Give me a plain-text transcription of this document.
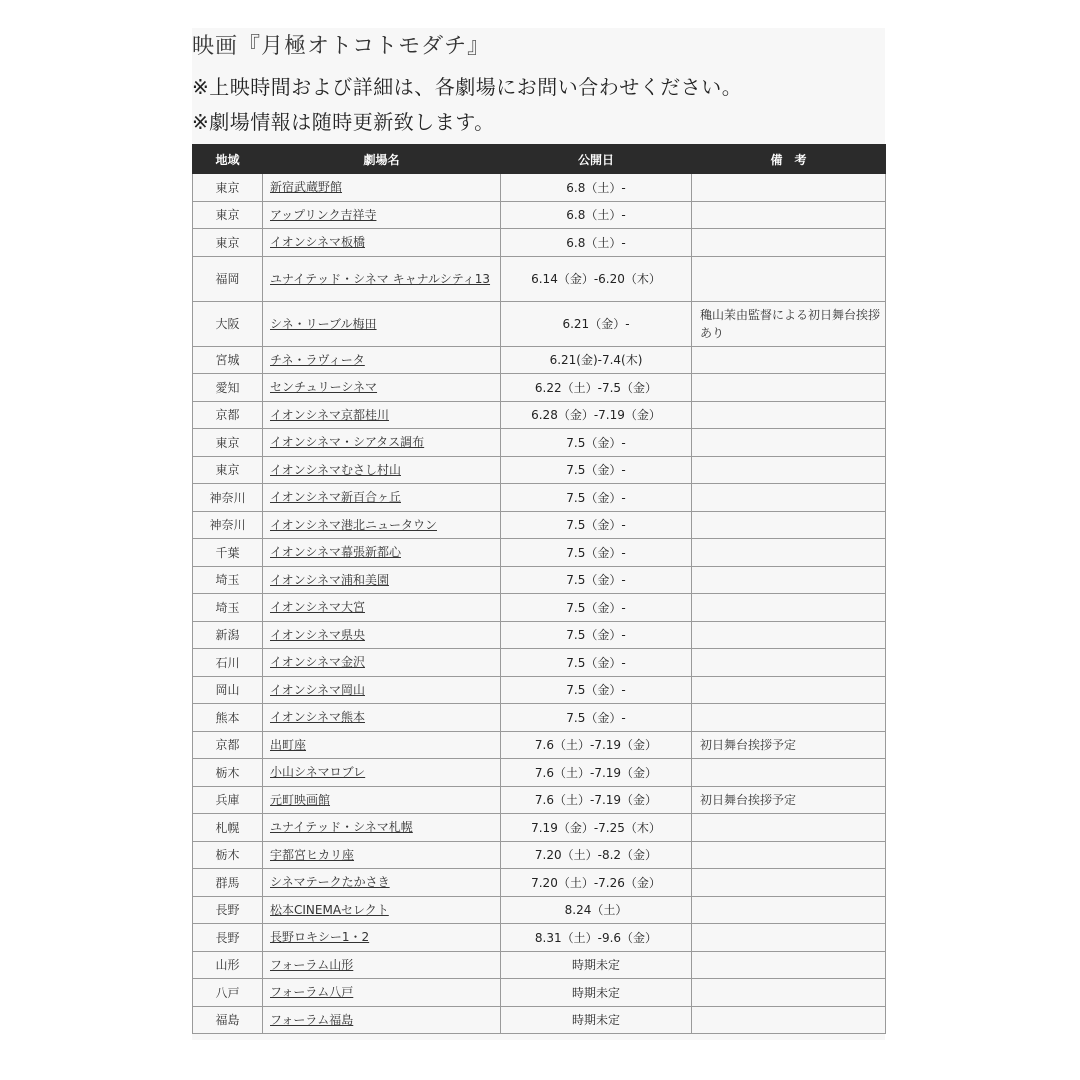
映画『月極オトコトモダチ』
※上映時間および詳細は、各劇場にお問い合わせください。
※劇場情報は随時更新致します。
地域	劇場名	公開日	備　考
東京	新宿武蔵野館	6.8（土）-	
東京	アップリンク吉祥寺	6.8（土）-	
東京	イオンシネマ板橋	6.8（土）-	
福岡	ユナイテッド・シネマ キャナルシティ13	6.14（金）-6.20（木）	
大阪	シネ・リーブル梅田	6.21（金）-	穐山茉由監督による初日舞台挨拶あり
宮城	チネ・ラヴィータ	6.21(金)-7.4(木)	
愛知	センチュリーシネマ	6.22（土）-7.5（金）	
京都	イオンシネマ京都桂川	6.28（金）-7.19（金）	
東京	イオンシネマ・シアタス調布	7.5（金）-	
東京	イオンシネマむさし村山	7.5（金）-	
神奈川	イオンシネマ新百合ヶ丘	7.5（金）-	
神奈川	イオンシネマ港北ニュータウン	7.5（金）-	
千葉	イオンシネマ幕張新都心	7.5（金）-	
埼玉	イオンシネマ浦和美園	7.5（金）-	
埼玉	イオンシネマ大宮	7.5（金）-	
新潟	イオンシネマ県央	7.5（金）-	
石川	イオンシネマ金沢	7.5（金）-	
岡山	イオンシネマ岡山	7.5（金）-	
熊本	イオンシネマ熊本	7.5（金）-	
京都	出町座	7.6（土）-7.19（金）	初日舞台挨拶予定
栃木	小山シネマロブレ	7.6（土）-7.19（金）	
兵庫	元町映画館	7.6（土）-7.19（金）	初日舞台挨拶予定
札幌	ユナイテッド・シネマ札幌	7.19（金）-7.25（木）	
栃木	宇都宮ヒカリ座	7.20（土）-8.2（金）	
群馬	シネマテークたかさき	7.20（土）-7.26（金）	
長野	松本CINEMAセレクト	8.24（土）	
長野	長野ロキシー1・2	8.31（土）-9.6（金）	
山形	フォーラム山形	時期未定	
八戸	フォーラム八戸	時期未定	
福島	フォーラム福島	時期未定	
